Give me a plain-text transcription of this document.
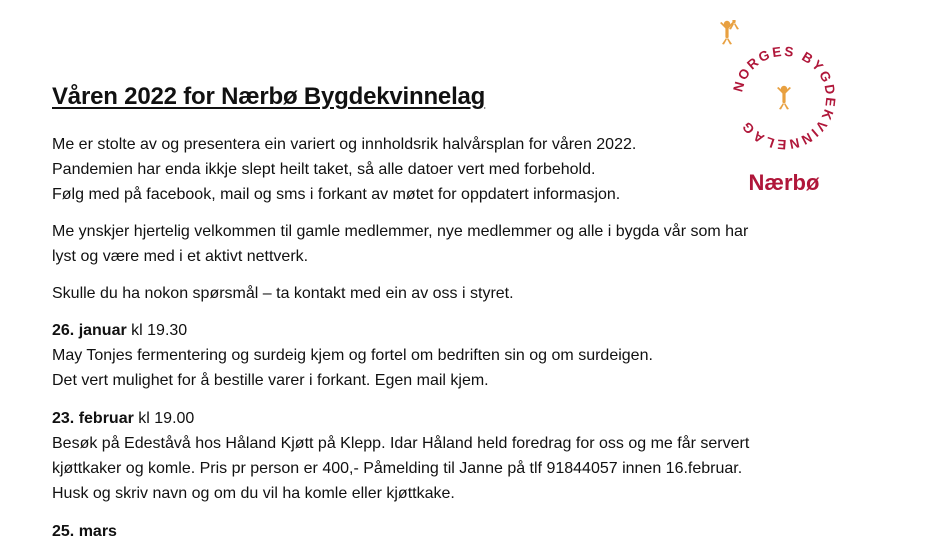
Våren 2022 for Nærbø Bygdekvinnelag

Me er stolte av og presentera ein variert og innholdsrik halvårsplan for våren 2022.
Pandemien har enda ikkje slept heilt taket, så alle datoer vert med forbehold.
Følg med på facebook, mail og sms i forkant av møtet for oppdatert informasjon.

Me ynskjer hjertelig velkommen til gamle medlemmer, nye medlemmer og alle i bygda vår som har
lyst og være med i et aktivt nettverk.

Skulle du ha nokon spørsmål – ta kontakt med ein av oss i styret.

26. januar kl 19.30
May Tonjes fermentering og surdeig kjem og fortel om bedriften sin og om surdeigen.
Det vert mulighet for å bestille varer i forkant. Egen mail kjem.
23. februar kl 19.00
Besøk på Edeståvå hos Håland Kjøtt på Klepp. Idar Håland held foredrag for oss og me får servert
kjøttkaker og komle. Pris pr person er 400,- Påmelding til Janne på tlf 91844057 innen 16.februar.
Husk og skriv navn og om du vil ha komle eller kjøttkake.
25. mars
NORGES BYGDEKVINNELAG
Nærbø
